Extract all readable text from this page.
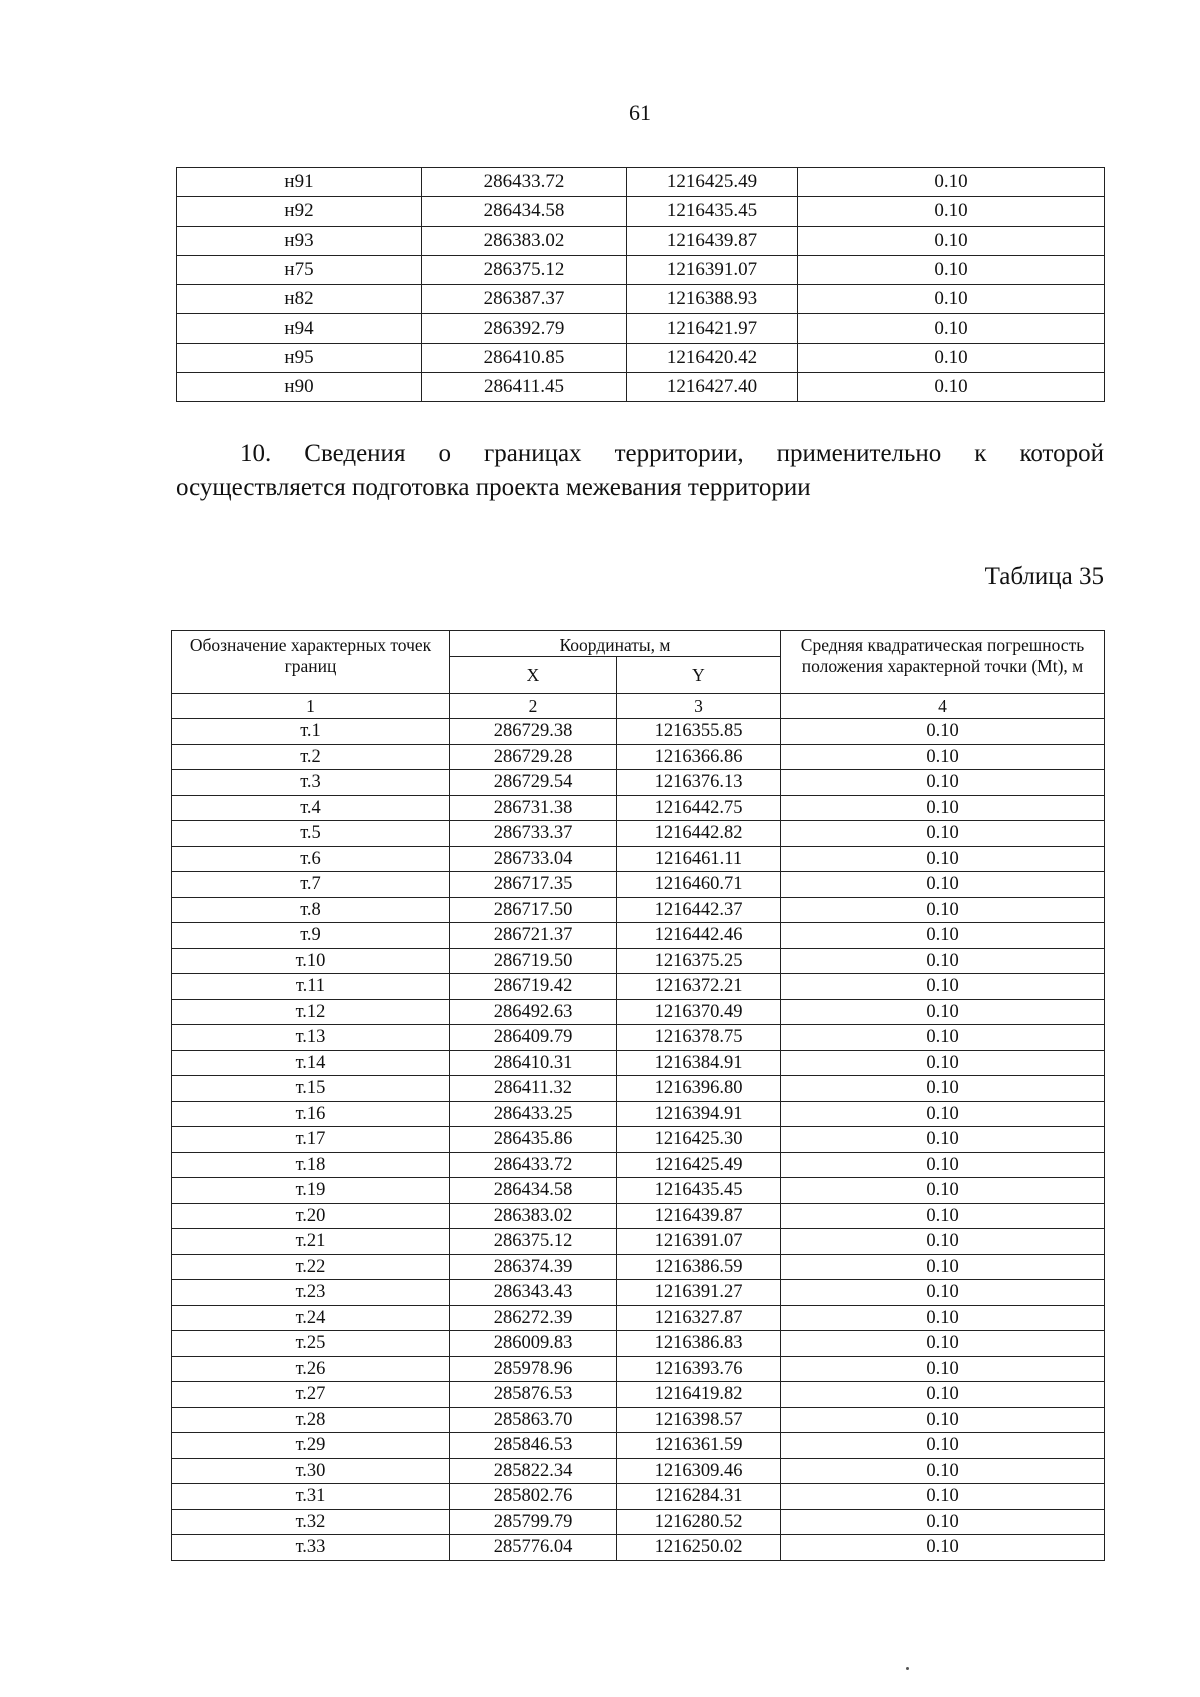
61
н91	286433.72	1216425.49	0.10
н92	286434.58	1216435.45	0.10
н93	286383.02	1216439.87	0.10
н75	286375.12	1216391.07	0.10
н82	286387.37	1216388.93	0.10
н94	286392.79	1216421.97	0.10
н95	286410.85	1216420.42	0.10
н90	286411.45	1216427.40	0.10
10. Сведения о границах территории, применительно к которой
осуществляется подготовка проекта межевания территории
Таблица 35
Обозначение характерных точек границ	Координаты, м		Средняя квадратическая погрешность положения характерной точки (Mt), м
	X	Y	
1	2	3	4
т.1	286729.38	1216355.85	0.10
т.2	286729.28	1216366.86	0.10
т.3	286729.54	1216376.13	0.10
т.4	286731.38	1216442.75	0.10
т.5	286733.37	1216442.82	0.10
т.6	286733.04	1216461.11	0.10
т.7	286717.35	1216460.71	0.10
т.8	286717.50	1216442.37	0.10
т.9	286721.37	1216442.46	0.10
т.10	286719.50	1216375.25	0.10
т.11	286719.42	1216372.21	0.10
т.12	286492.63	1216370.49	0.10
т.13	286409.79	1216378.75	0.10
т.14	286410.31	1216384.91	0.10
т.15	286411.32	1216396.80	0.10
т.16	286433.25	1216394.91	0.10
т.17	286435.86	1216425.30	0.10
т.18	286433.72	1216425.49	0.10
т.19	286434.58	1216435.45	0.10
т.20	286383.02	1216439.87	0.10
т.21	286375.12	1216391.07	0.10
т.22	286374.39	1216386.59	0.10
т.23	286343.43	1216391.27	0.10
т.24	286272.39	1216327.87	0.10
т.25	286009.83	1216386.83	0.10
т.26	285978.96	1216393.76	0.10
т.27	285876.53	1216419.82	0.10
т.28	285863.70	1216398.57	0.10
т.29	285846.53	1216361.59	0.10
т.30	285822.34	1216309.46	0.10
т.31	285802.76	1216284.31	0.10
т.32	285799.79	1216280.52	0.10
т.33	285776.04	1216250.02	0.10
